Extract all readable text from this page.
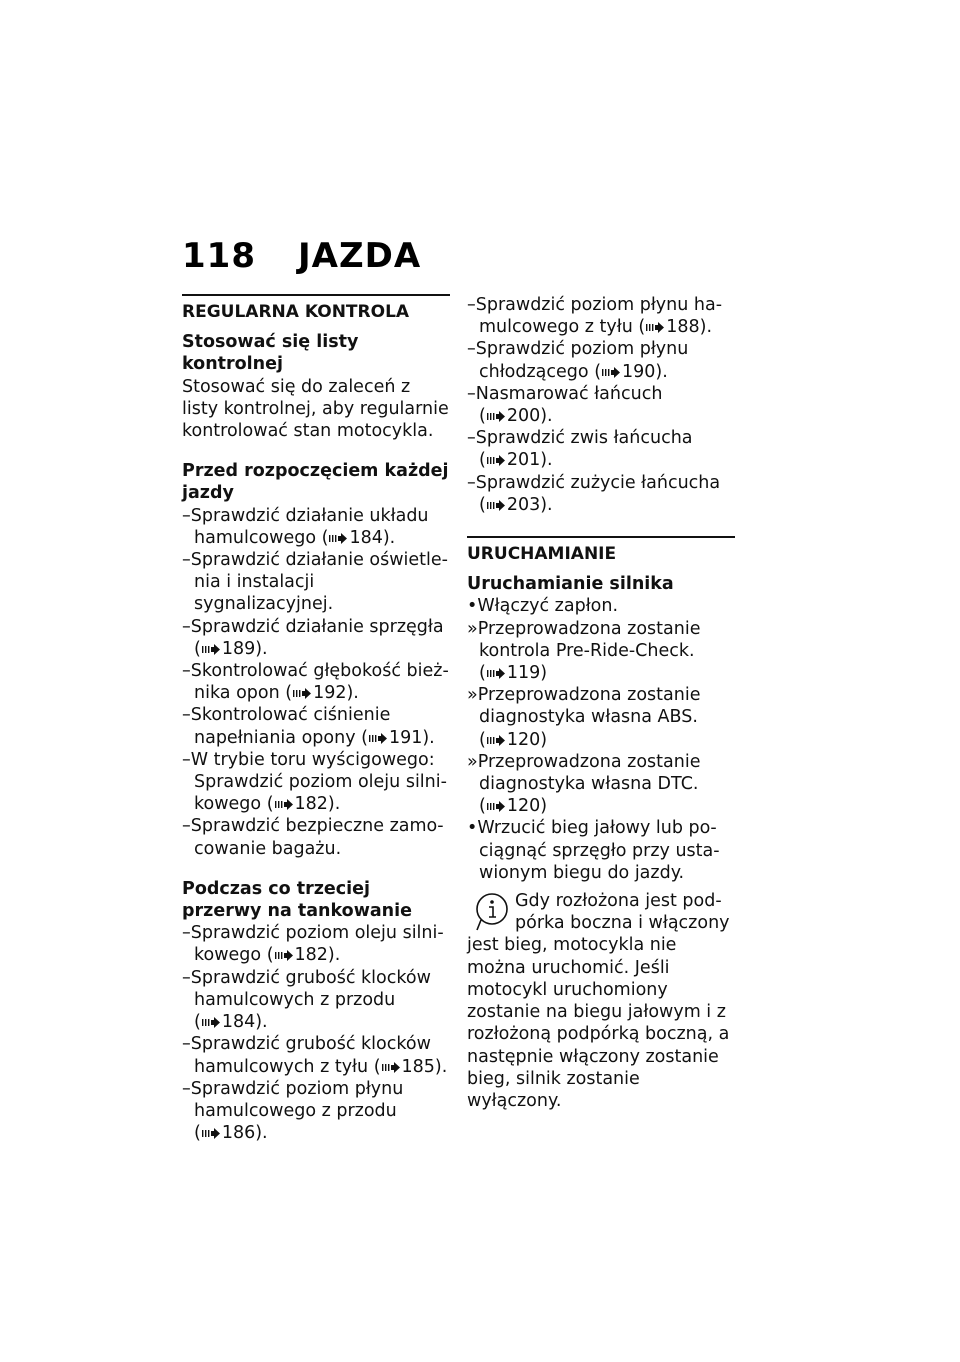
118 JAZDA
REGULARNA KONTROLA

Stosować się listy kontrolnej

Stosować się do zaleceń z listy kontrolnej, aby regularnie kontrolować stan motocykla.

Przed rozpoczęciem każdej jazdy

–Sprawdzić działanie układu hamulcowego ( 184).

–Sprawdzić działanie oświetlenia i instalacji sygnalizacyjnej.

–Sprawdzić działanie sprzęgła ( 189).

–Skontrolować głębokość bieżnika opon ( 192).

–Skontrolować ciśnienie napełniania opony ( 191).

–W trybie toru wyścigowego: Sprawdzić poziom oleju silnikowego ( 182).

–Sprawdzić bezpieczne zamocowanie bagażu.

Podczas co trzeciej przerwy na tankowanie

–Sprawdzić poziom oleju silnikowego ( 182).

–Sprawdzić grubość klocków hamulcowych z przodu ( 184).

–Sprawdzić grubość klocków hamulcowych z tyłu ( 185).

–Sprawdzić poziom płynu hamulcowego z przodu ( 186).

–Sprawdzić poziom płynu hamulcowego z tyłu ( 188).

–Sprawdzić poziom płynu chłodzącego ( 190).

–Nasmarować łańcuch ( 200).

–Sprawdzić zwis łańcucha ( 201).

–Sprawdzić zużycie łańcucha ( 203).

URUCHAMIANIE

Uruchamianie silnika

•Włączyć zapłon.

»Przeprowadzona zostanie kontrola Pre-Ride-Check. ( 119)

»Przeprowadzona zostanie diagnostyka własna ABS. ( 120)

»Przeprowadzona zostanie diagnostyka własna DTC. ( 120)

•Wrzucić bieg jałowy lub pociągnąć sprzęgło przy ustawionym biegu do jazdy.

Gdy rozłożona jest podpórka boczna i włączony jest bieg, motocykla nie można uruchomić. Jeśli motocykl uruchomiony zostanie na biegu jałowym i z rozłożoną podpórką boczną, a następnie włączony zostanie bieg, silnik zostanie wyłączony.
